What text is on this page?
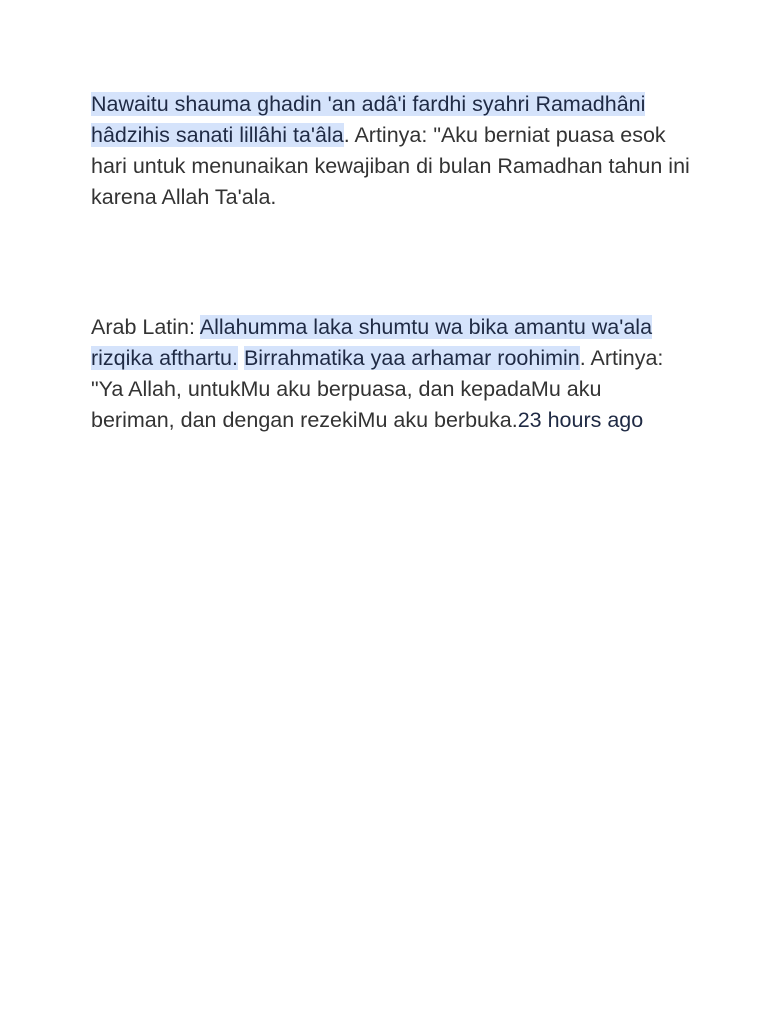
Nawaitu shauma ghadin 'an adâ'i fardhi syahri Ramadhâni hâdzihis sanati lillâhi ta'âla. Artinya: "Aku berniat puasa esok hari untuk menunaikan kewajiban di bulan Ramadhan tahun ini karena Allah Ta'ala.

Arab Latin: Allahumma laka shumtu wa bika amantu wa'ala rizqika afthartu. Birrahmatika yaa arhamar roohimin. Artinya: "Ya Allah, untukMu aku berpuasa, dan kepadaMu aku beriman, dan dengan rezekiMu aku berbuka.23 hours ago
